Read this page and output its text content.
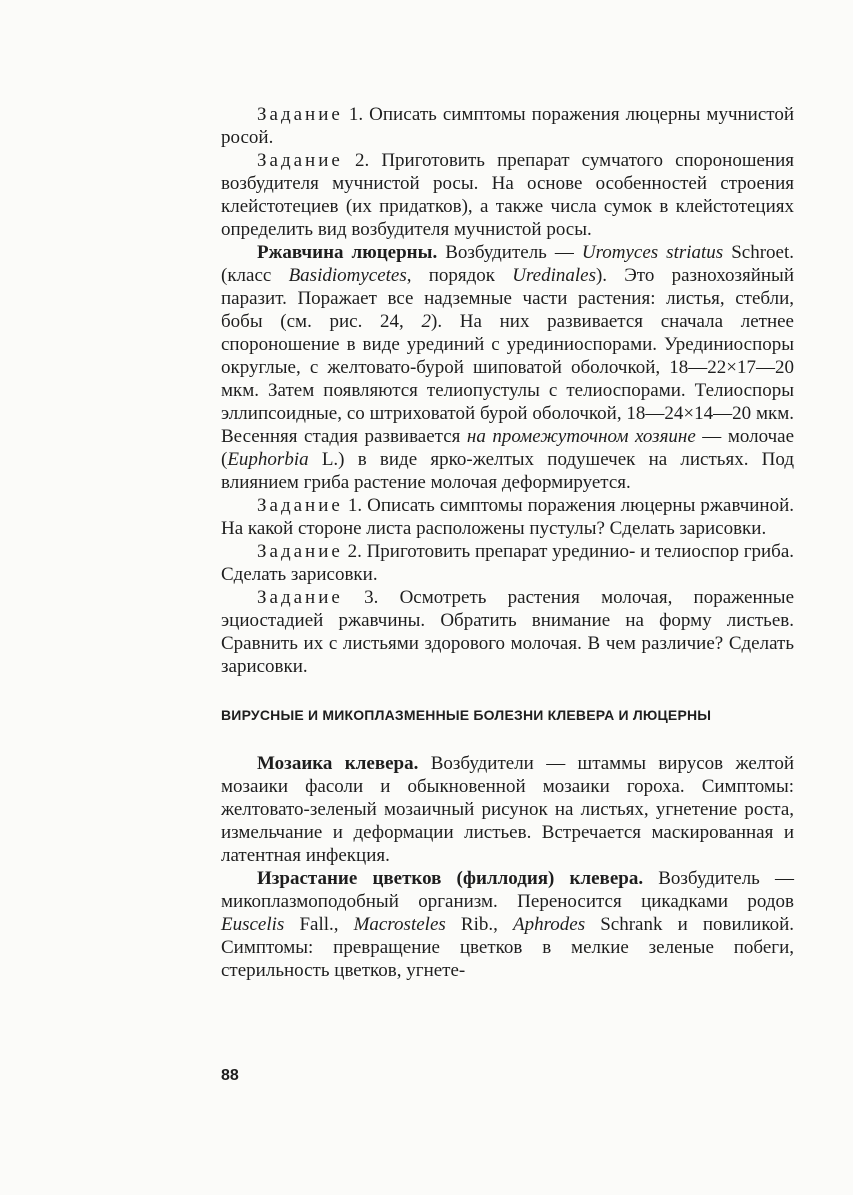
Задание 1. Описать симптомы поражения люцерны мучнистой росой.

Задание 2. Приготовить препарат сумчатого спороношения возбудителя мучнистой росы. На основе особенностей строения клейстотециев (их придатков), а также числа сумок в клейстотециях определить вид возбудителя мучнистой росы.

Ржавчина люцерны. Возбудитель — Uromyces striatus Schroet. (класс Basidiomycetes, порядок Uredinales). Это разнохозяйный паразит. Поражает все надземные части растения: листья, стебли, бобы (см. рис. 24, 2). На них развивается сначала летнее спороношение в виде урединий с урединиоспорами. Урединиоспоры округлые, с желтовато-бурой шиповатой оболочкой, 18—22×17—20 мкм. Затем появляются телиопустулы с телиоспорами. Телиоспоры эллипсоидные, со штриховатой бурой оболочкой, 18—24×14—20 мкм. Весенняя стадия развивается на промежуточном хозяине — молочае (Euphorbia L.) в виде ярко-желтых подушечек на листьях. Под влиянием гриба растение молочая деформируется.

Задание 1. Описать симптомы поражения люцерны ржавчиной. На какой стороне листа расположены пустулы? Сделать зарисовки.

Задание 2. Приготовить препарат урединио- и телиоспор гриба. Сделать зарисовки.

Задание 3. Осмотреть растения молочая, пораженные эциостадией ржавчины. Обратить внимание на форму листьев. Сравнить их с листьями здорового молочая. В чем различие? Сделать зарисовки.

ВИРУСНЫЕ И МИКОПЛАЗМЕННЫЕ БОЛЕЗНИ КЛЕВЕРА И ЛЮЦЕРНЫ

Мозаика клевера. Возбудители — штаммы вирусов желтой мозаики фасоли и обыкновенной мозаики гороха. Симптомы: желтовато-зеленый мозаичный рисунок на листьях, угнетение роста, измельчание и деформации листьев. Встречается маскированная и латентная инфекция.

Израстание цветков (филлодия) клевера. Возбудитель — микоплазмоподобный организм. Переносится цикадками родов Euscelis Fall., Macrosteles Rib., Aphrodes Schrank и повиликой. Симптомы: превращение цветков в мелкие зеленые побеги, стерильность цветков, угнете-

88
